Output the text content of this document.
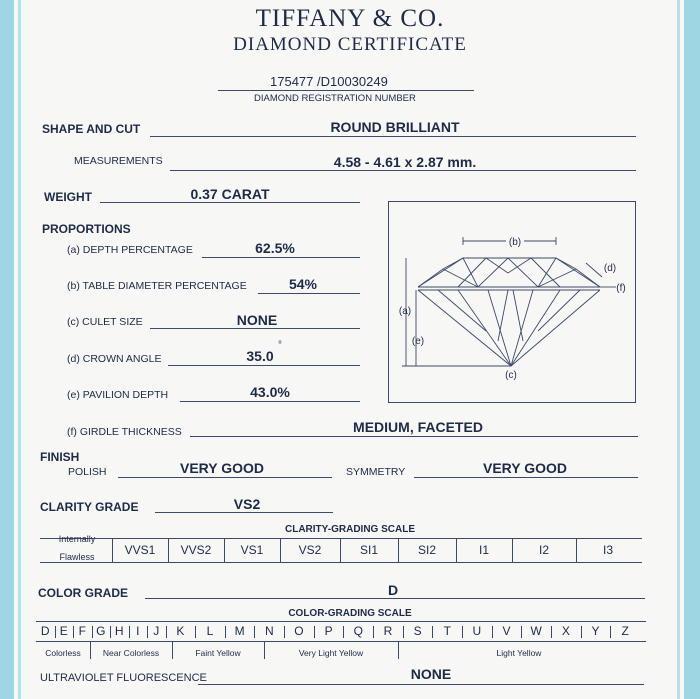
TIFFANY & CO.
DIAMOND CERTIFICATE
175477 /D10030249
DIAMOND REGISTRATION NUMBER
SHAPE AND CUT	ROUND BRILLIANT
MEASUREMENTS	4.58 - 4.61 x 2.87 mm.
WEIGHT	0.37 CARAT
PROPORTIONS
(a) DEPTH PERCENTAGE	62.5%
(b) TABLE DIAMETER PERCENTAGE	54%
(c) CULET SIZE	NONE
(d) CROWN ANGLE	35.0
°
(e) PAVILION DEPTH	43.0%
(f) GIRDLE THICKNESS	MEDIUM, FACETED
(b)
(d)
(f)
(a)
(e)
(c)
FINISH
POLISH	VERY GOOD	SYMMETRY	VERY GOOD
CLARITY GRADE	VS2
CLARITY-GRADING SCALE
Internally
Flawless	VVS1	VVS2	VS1	VS2	SI1	SI2	I1	I2	I3
COLOR GRADE	D
COLOR-GRADING SCALE
D E F G H	I	J	K	L	M	N	O	P	Q	R	S	T	U	V	W	X	Y	Z
Colorless	Near Colorless	Faint Yellow	Very Light Yellow	Light Yellow
ULTRAVIOLET FLUORESCENCE	NONE
